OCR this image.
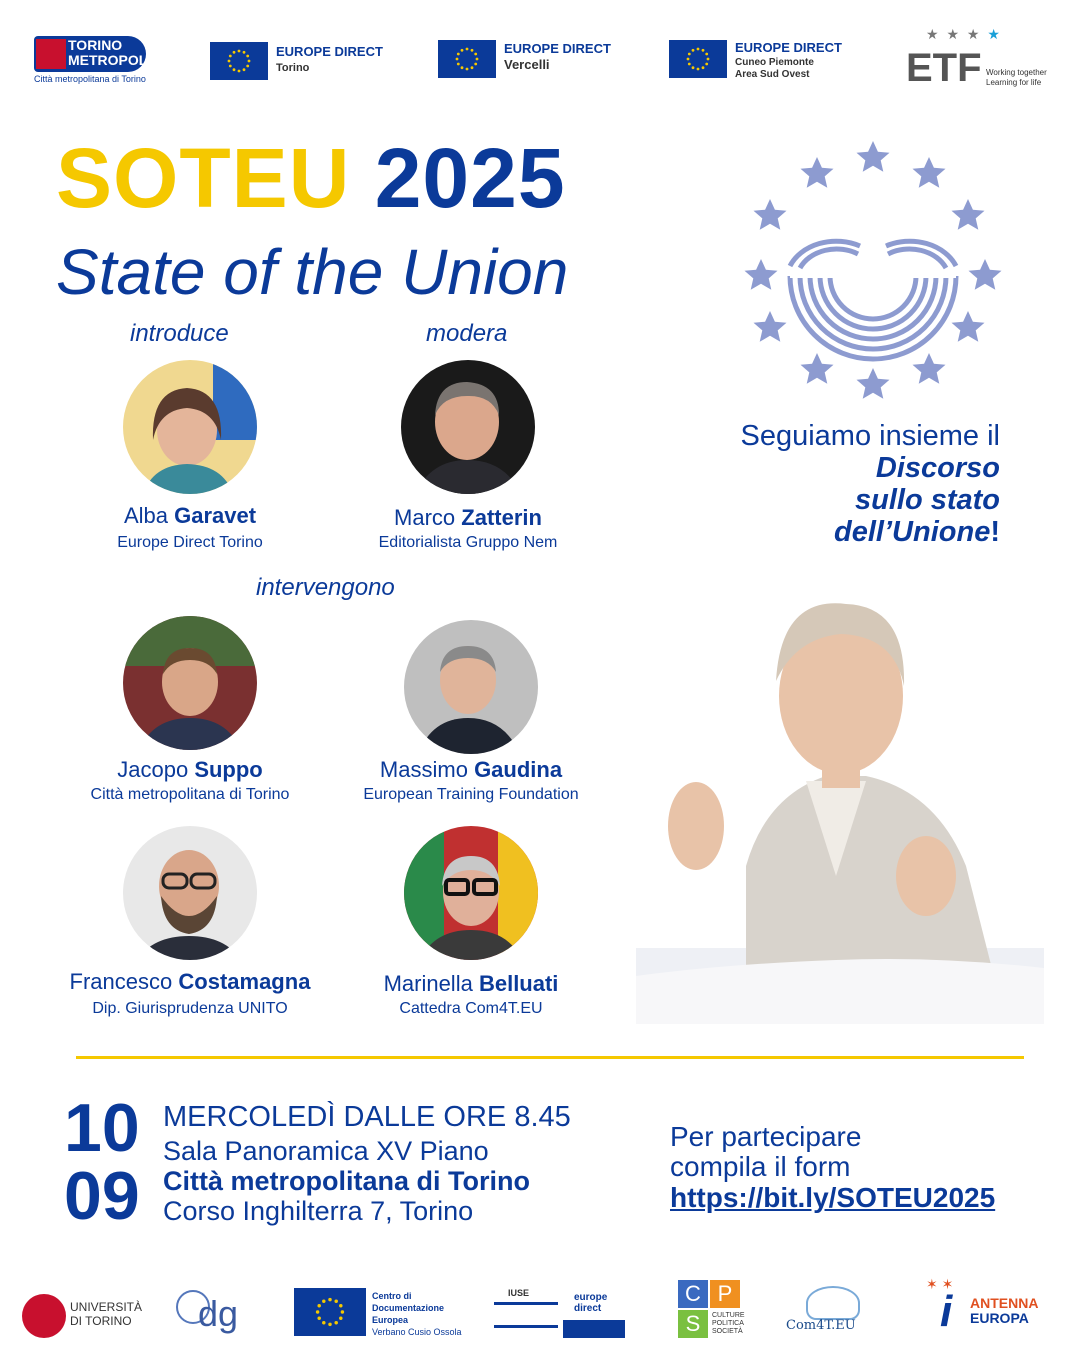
TORINO
METROPOLI
Città metropolitana di Torino
EUROPE DIRECT
Torino
EUROPE DIRECT
Vercelli
EUROPE DIRECT
Cuneo Piemonte
Area Sud Ovest
★ ★ ★ ★
ETF Working together
Learning for life
SOTEU 2025
State of the Union
Seguiamo insieme il
Discorso
sullo stato
dell’Unione!
introduce	modera
intervengono
Alba Garavet
Europe Direct Torino
Marco Zatterin
Editorialista Gruppo Nem
Jacopo Suppo
Città metropolitana di Torino
Massimo Gaudina
European Training Foundation
Francesco Costamagna
Dip. Giurisprudenza UNITO
Marinella Belluati
Cattedra Com4T.EU
10
09
MERCOLEDÌ DALLE ORE 8.45
Sala Panoramica XV Piano
Città metropolitana di Torino
Corso Inghilterra 7, Torino
Per partecipare
compila il form
https://bit.ly/SOTEU2025
UNIVERSITÀ
DI TORINO dg	Centro di
Documentazione
Europea
Verbano Cusio Ossola
IUSE	europe
direct
C P
S	CULTURE
POLITICA
SOCIETÀ	Com4T.EU
✶ ✶
i ANTENNA
EUROPA
